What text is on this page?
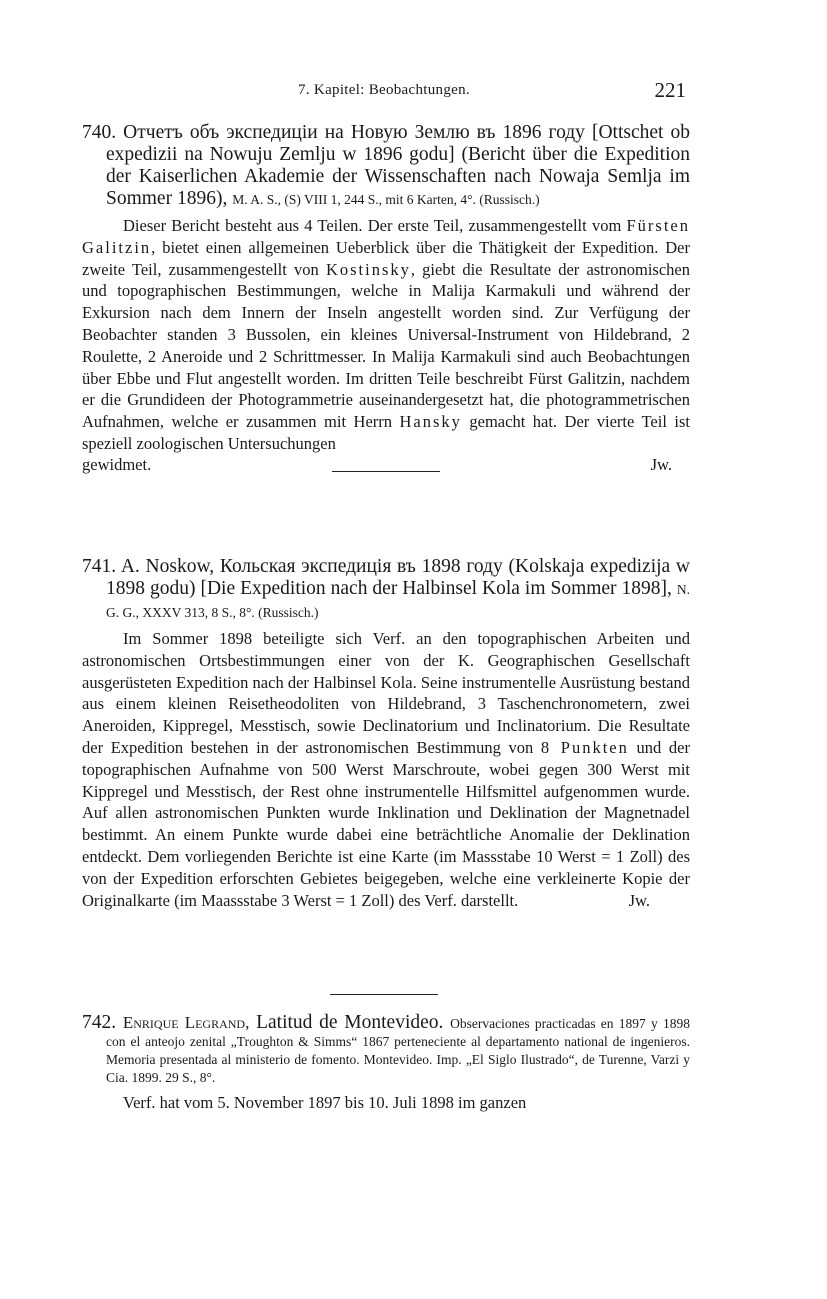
7. Kapitel: Beobachtungen.	221
740. Отчетъ объ экспедицiи на Новую Землю въ 1896 году [Ottschet ob expedizii na Nowuju Zemlju w 1896 godu] (Bericht über die Expedition der Kaiserlichen Akademie der Wissenschaften nach Nowaja Semlja im Sommer 1896), M. A. S., (S) VIII 1, 244 S., mit 6 Karten, 4°. (Russisch.)
Dieser Bericht besteht aus 4 Teilen. Der erste Teil, zusammengestellt vom Fürsten Galitzin, bietet einen allgemeinen Ueberblick über die Thätigkeit der Expedition. Der zweite Teil, zusammengestellt von Kostinsky, giebt die Resultate der astronomischen und topographischen Bestimmungen, welche in Malija Karmakuli und während der Exkursion nach dem Innern der Inseln angestellt worden sind. Zur Verfügung der Beobachter standen 3 Bussolen, ein kleines Universal-Instrument von Hildebrand, 2 Roulette, 2 Aneroide und 2 Schrittmesser. In Malija Karmakuli sind auch Beobachtungen über Ebbe und Flut angestellt worden. Im dritten Teile beschreibt Fürst Galitzin, nachdem er die Grundideen der Photogrammetrie auseinandergesetzt hat, die photogrammetrischen Aufnahmen, welche er zusammen mit Herrn Hansky gemacht hat. Der vierte Teil ist speziell zoologischen Untersuchungen
gewidmet.	Jw.
741. A. Noskow, Кольская экспедицiя въ 1898 году (Kolskaja expedizija w 1898 godu) [Die Expedition nach der Halbinsel Kola im Sommer 1898], N. G. G., XXXV 313, 8 S., 8°. (Russisch.)
Im Sommer 1898 beteiligte sich Verf. an den topographischen Arbeiten und astronomischen Ortsbestimmungen einer von der K. Geographischen Gesellschaft ausgerüsteten Expedition nach der Halbinsel Kola. Seine instrumentelle Ausrüstung bestand aus einem kleinen Reisetheodoliten von Hildebrand, 3 Taschenchronometern, zwei Aneroiden, Kippregel, Messtisch, sowie Declinatorium und Inclinatorium. Die Resultate der Expedition bestehen in der astronomischen Bestimmung von 8 Punkten und der topographischen Aufnahme von 500 Werst Marschroute, wobei gegen 300 Werst mit Kippregel und Messtisch, der Rest ohne instrumentelle Hilfsmittel aufgenommen wurde. Auf allen astronomischen Punkten wurde Inklination und Deklination der Magnetnadel bestimmt. An einem Punkte wurde dabei eine beträchtliche Anomalie der Deklination entdeckt. Dem vorliegenden Berichte ist eine Karte (im Massstabe 10 Werst = 1 Zoll) des von der Expedition erforschten Gebietes beigegeben, welche eine verkleinerte Kopie der Originalkarte (im Maassstabe 3 Werst = 1 Zoll) des Verf. darstellt.	Jw.
742. Enrique Legrand, Latitud de Montevideo. Observaciones practicadas en 1897 y 1898 con el anteojo zenital „Troughton & Simms“ 1867 perteneciente al departamento national de ingenieros. Memoria presentada al ministerio de fomento. Montevideo. Imp. „El Siglo Ilustrado“, de Turenne, Varzi y Cia. 1899. 29 S., 8°.
Verf. hat vom 5. November 1897 bis 10. Juli 1898 im ganzen
